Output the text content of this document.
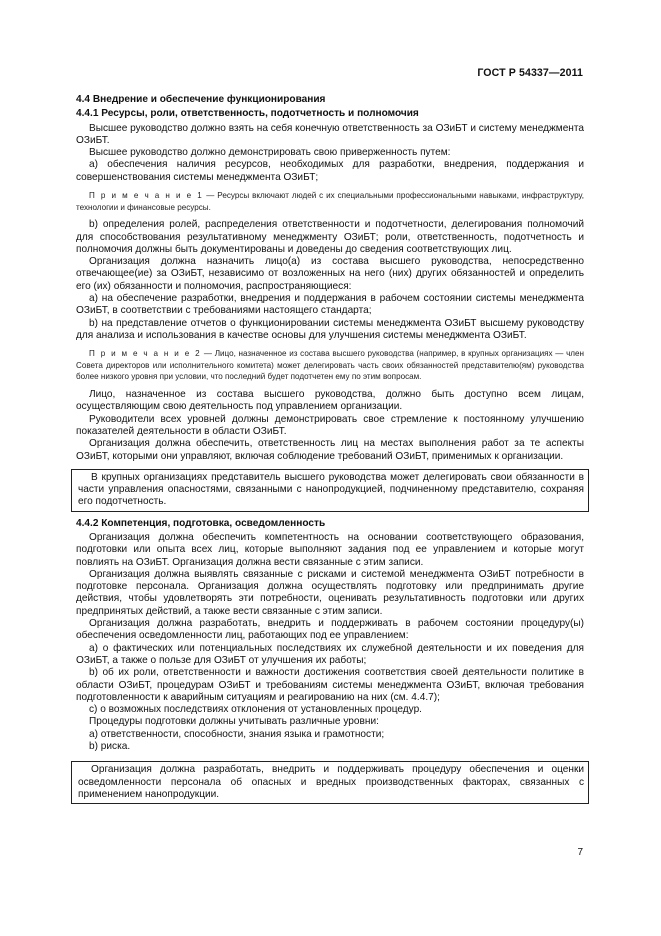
ГОСТ Р 54337—2011

4.4 Внедрение и обеспечение функционирования

4.4.1 Ресурсы, роли, ответственность, подотчетность и полномочия

Высшее руководство должно взять на себя конечную ответственность за ОЗиБТ и систему менеджмента ОЗиБТ.

Высшее руководство должно демонстрировать свою приверженность путем:

а) обеспечения наличия ресурсов, необходимых для разработки, внедрения, поддержания и совершенствования системы менеджмента ОЗиБТ;

П р и м е ч а н и е 1 — Ресурсы включают людей с их специальными профессиональными навыками, инфраструктуру, технологии и финансовые ресурсы.

b) определения ролей, распределения ответственности и подотчетности, делегирования полномочий для способствования результативному менеджменту ОЗиБТ; роли, ответственность, подотчетность и полномочия должны быть документированы и доведены до сведения соответствующих лиц.

Организация должна назначить лицо(а) из состава высшего руководства, непосредственно отвечающее(ие) за ОЗиБТ, независимо от возложенных на него (них) других обязанностей и определить его (их) обязанности и полномочия, распространяющиеся:

а) на обеспечение разработки, внедрения и поддержания в рабочем состоянии системы менеджмента ОЗиБТ, в соответствии с требованиями настоящего стандарта;

b) на представление отчетов о функционировании системы менеджмента ОЗиБТ высшему руководству для анализа и использования в качестве основы для улучшения системы менеджмента ОЗиБТ.

П р и м е ч а н и е 2 — Лицо, назначенное из состава высшего руководства (например, в крупных организациях — член Совета директоров или исполнительного комитета) может делегировать часть своих обязанностей представителю(ям) руководства более низкого уровня при условии, что последний будет подотчетен ему по этим вопросам.

Лицо, назначенное из состава высшего руководства, должно быть доступно всем лицам, осуществляющим свою деятельность под управлением организации.

Руководители всех уровней должны демонстрировать свое стремление к постоянному улучшению показателей деятельности в области ОЗиБТ.

Организация должна обеспечить, ответственность лиц на местах выполнения работ за те аспекты ОЗиБТ, которыми они управляют, включая соблюдение требований ОЗиБТ, применимых к организации.

В крупных организациях представитель высшего руководства может делегировать свои обязанности в части управления опасностями, связанными с нанопродукцией, подчиненному представителю, сохраняя его подотчетность.

4.4.2 Компетенция, подготовка, осведомленность

Организация должна обеспечить компетентность на основании соответствующего образования, подготовки или опыта всех лиц, которые выполняют задания под ее управлением и которые могут повлиять на ОЗиБТ. Организация должна вести связанные с этим записи.

Организация должна выявлять связанные с рисками и системой менеджмента ОЗиБТ потребности в подготовке персонала. Организация должна осуществлять подготовку или предпринимать другие действия, чтобы удовлетворять эти потребности, оценивать результативность подготовки или других предпринятых действий, а также вести связанные с этим записи.

Организация должна разработать, внедрить и поддерживать в рабочем состоянии процедуру(ы) обеспечения осведомленности лиц, работающих под ее управлением:

а) о фактических или потенциальных последствиях их служебной деятельности и их поведения для ОЗиБТ, а также о пользе для ОЗиБТ от улучшения их работы;

b) об их роли, ответственности и важности достижения соответствия своей деятельности политике в области ОЗиБТ, процедурам ОЗиБТ и требованиям системы менеджмента ОЗиБТ, включая требования подготовленности к аварийным ситуациям и реагированию на них (см. 4.4.7);

c) о возможных последствиях отклонения от установленных процедур.

Процедуры подготовки должны учитывать различные уровни:

а) ответственности, способности, знания языка и грамотности;

b) риска.

Организация должна разработать, внедрить и поддерживать процедуру обеспечения и оценки осведомленности персонала об опасных и вредных производственных факторах, связанных с применением нанопродукции.

7
